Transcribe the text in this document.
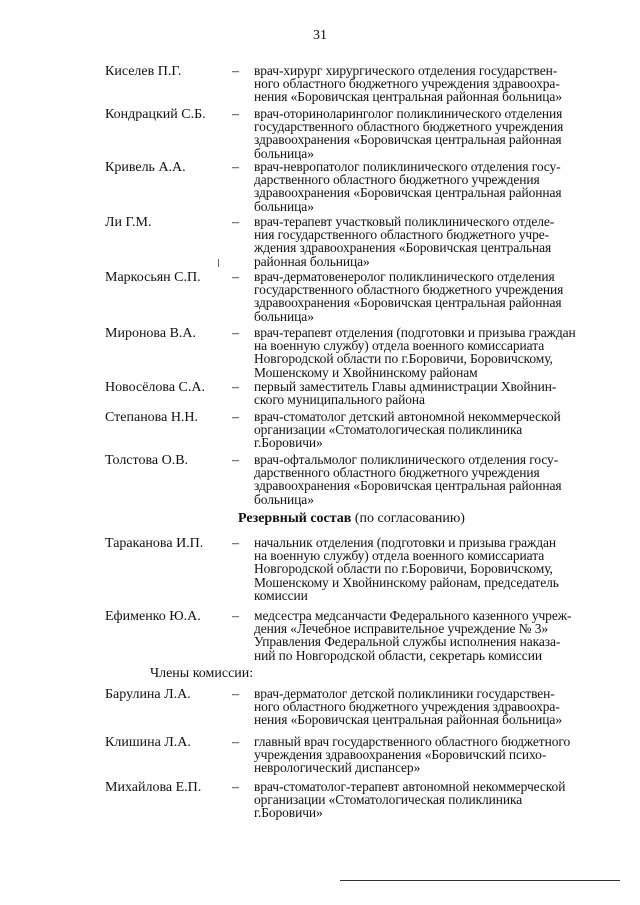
31
Киселев П.Г.	– врач-хирург хирургического отделения государствен-
ного областного бюджетного учреждения здравоохра-
нения «Боровичская центральная районная больница»
Кондрацкий С.Б. – врач-оториноларинголог поликлинического отделения
государственного областного бюджетного учреждения
здравоохранения «Боровичская центральная районная
больница»
Кривель А.А.	– врач-невропатолог поликлинического отделения госу-
дарственного областного бюджетного учреждения
здравоохранения «Боровичская центральная районная
больница»
Ли Г.М.	– врач-терапевт участковый поликлинического отделе-
ния государственного областного бюджетного учре-
ждения здравоохранения «Боровичская центральная
районная больница»
Маркосьян С.П. – врач-дерматовенеролог поликлинического отделения
государственного областного бюджетного учреждения
здравоохранения «Боровичская центральная районная
больница»
Миронова В.А.	– врач-терапевт отделения (подготовки и призыва граждан
на военную службу) отдела военного комиссариата
Новгородской области по г.Боровичи, Боровичскому,
Мошенскому и Хвойнинскому районам
Новосёлова С.А. – первый заместитель Главы администрации Хвойнин-
ского муниципального района
Степанова Н.Н. – врач-стоматолог детский автономной некоммерческой
организации «Стоматологическая поликлиника
г.Боровичи»
Толстова О.В.	– врач-офтальмолог поликлинического отделения госу-
дарственного областного бюджетного учреждения
здравоохранения «Боровичская центральная районная
больница»
Резервный состав (по согласованию)
Тараканова И.П. – начальник отделения (подготовки и призыва граждан
на военную службу) отдела военного комиссариата
Новгородской области по г.Боровичи, Боровичскому,
Мошенскому и Хвойнинскому районам, председатель
комиссии
Ефименко Ю.А. – медсестра медсанчасти Федерального казенного учреж-
дения «Лечебное исправительное учреждение № 3»
Управления Федеральной службы исполнения наказа-
ний по Новгородской области, секретарь комиссии
Члены комиссии:
Барулина Л.А.	– врач-дерматолог детской поликлиники государствен-
ного областного бюджетного учреждения здравоохра-
нения «Боровичская центральная районная больница»
Клишина Л.А.	– главный врач государственного областного бюджетного
учреждения здравоохранения «Боровичский психо-
неврологический диспансер»
Михайлова Е.П. – врач-стоматолог-терапевт автономной некоммерческой
организации «Стоматологическая поликлиника
г.Боровичи»
